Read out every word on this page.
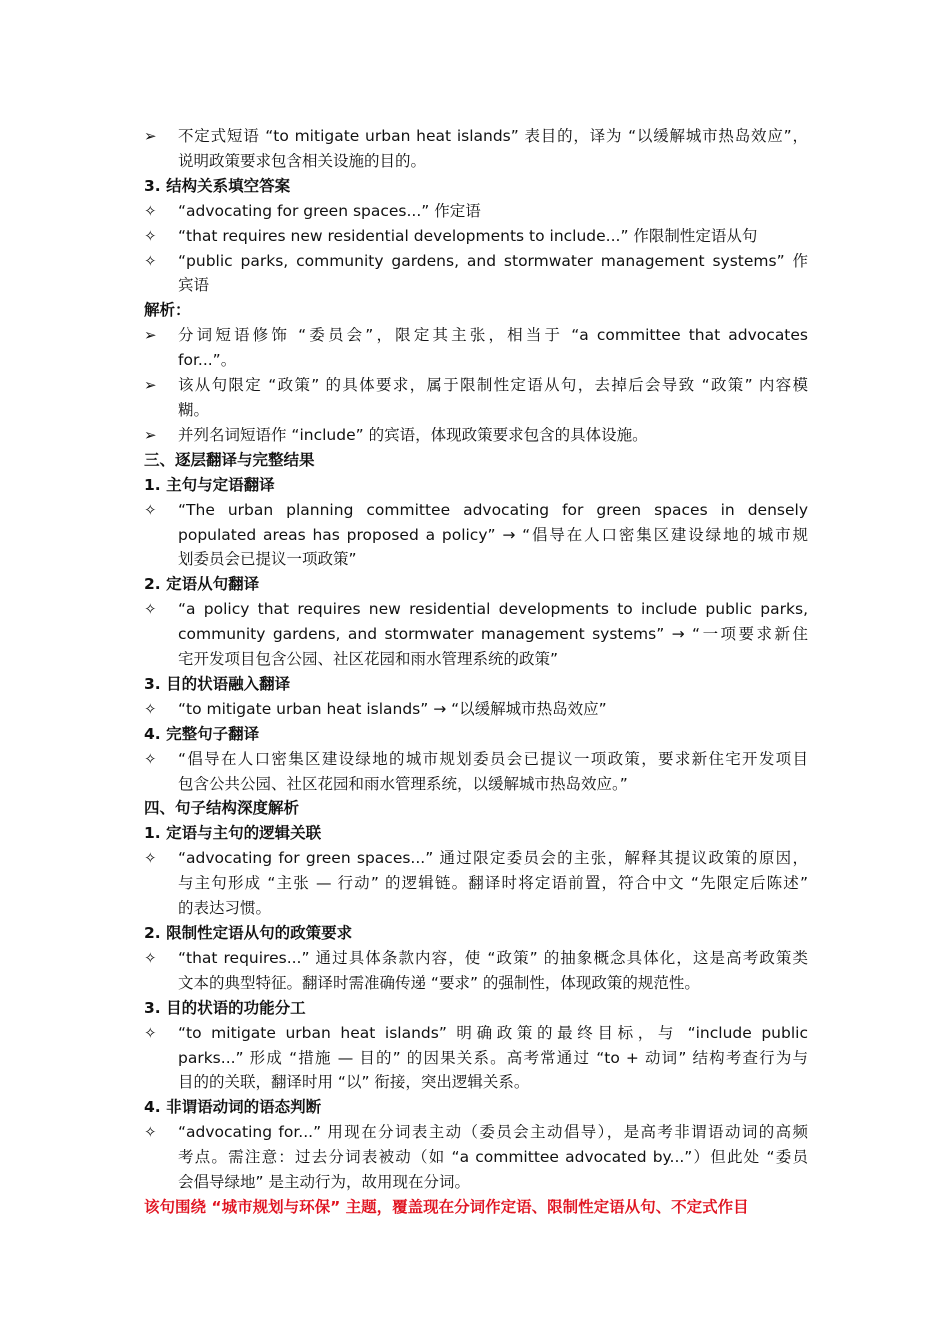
➢	不定式短语 “to mitigate urban heat islands” 表目的，译为 “以缓解城市热岛效应”，
说明政策要求包含相关设施的目的。
3. 结构关系填空答案
✧	“advocating for green spaces...” 作定语
✧	“that requires new residential developments to include...” 作限制性定语从句
✧	“public parks, community gardens, and stormwater management systems” 作
宾语
解析：
➢	分词短语修饰 “委员会”，限定其主张，相当于 “a committee that advocates
for...”。
➢	该从句限定 “政策” 的具体要求，属于限制性定语从句，去掉后会导致 “政策” 内容模
糊。
➢	并列名词短语作 “include” 的宾语，体现政策要求包含的具体设施。
三、逐层翻译与完整结果
1. 主句与定语翻译
✧	“The urban planning committee advocating for green spaces in densely
populated areas has proposed a policy” → “倡导在人口密集区建设绿地的城市规
划委员会已提议一项政策”
2. 定语从句翻译
✧	“a policy that requires new residential developments to include public parks,
community gardens, and stormwater management systems” → “一项要求新住
宅开发项目包含公园、社区花园和雨水管理系统的政策”
3. 目的状语融入翻译
✧	“to mitigate urban heat islands” → “以缓解城市热岛效应”
4. 完整句子翻译
✧	“倡导在人口密集区建设绿地的城市规划委员会已提议一项政策，要求新住宅开发项目
包含公共公园、社区花园和雨水管理系统，以缓解城市热岛效应。”
四、句子结构深度解析
1. 定语与主句的逻辑关联
✧	“advocating for green spaces...” 通过限定委员会的主张，解释其提议政策的原因，
与主句形成 “主张 — 行动” 的逻辑链。翻译时将定语前置，符合中文 “先限定后陈述”
的表达习惯。
2. 限制性定语从句的政策要求
✧	“that requires...” 通过具体条款内容，使 “政策” 的抽象概念具体化，这是高考政策类
文本的典型特征。翻译时需准确传递 “要求” 的强制性，体现政策的规范性。
3. 目的状语的功能分工
✧	“to mitigate urban heat islands” 明确政策的最终目标，与 “include public
parks...” 形成 “措施 — 目的” 的因果关系。高考常通过 “to + 动词” 结构考查行为与
目的的关联，翻译时用 “以” 衔接，突出逻辑关系。
4. 非谓语动词的语态判断
✧	“advocating for...” 用现在分词表主动（委员会主动倡导），是高考非谓语动词的高频
考点。需注意：过去分词表被动（如 “a committee advocated by...”）但此处 “委员
会倡导绿地” 是主动行为，故用现在分词。
该句围绕 “城市规划与环保” 主题，覆盖现在分词作定语、限制性定语从句、不定式作目
